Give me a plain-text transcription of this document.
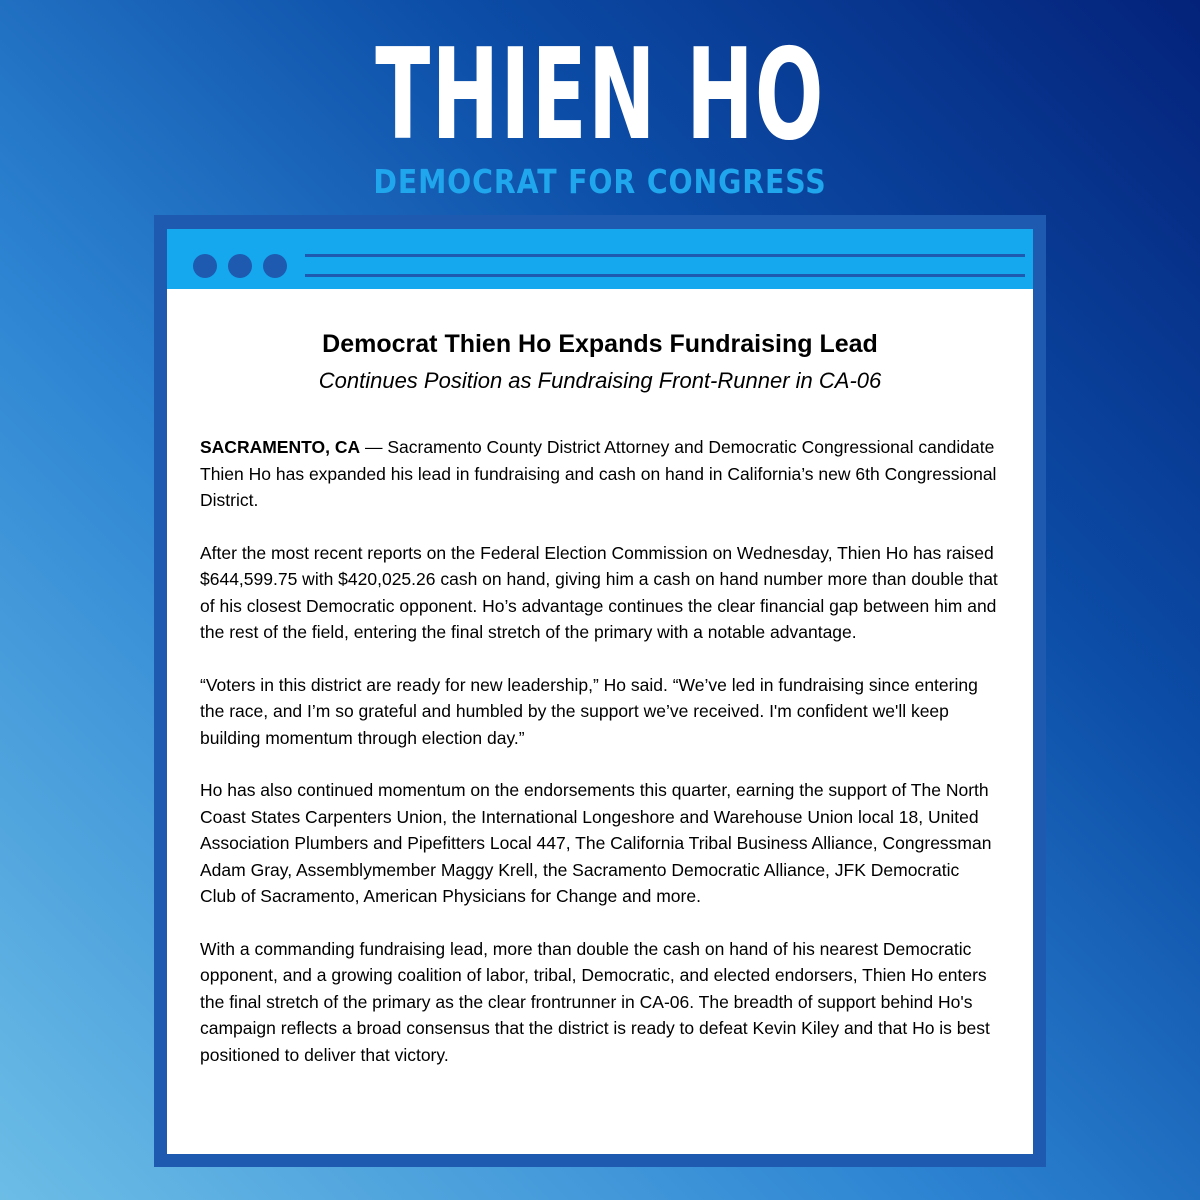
THIEN HO
DEMOCRAT FOR CONGRESS
Democrat Thien Ho Expands Fundraising Lead

Continues Position as Fundraising Front-Runner in CA-06

SACRAMENTO, CA — Sacramento County District Attorney and Democratic Congressional candidate Thien Ho has expanded his lead in fundraising and cash on hand in California’s new 6th Congressional District.

After the most recent reports on the Federal Election Commission on Wednesday, Thien Ho has raised $644,599.75 with $420,025.26 cash on hand, giving him a cash on hand number more than double that of his closest Democratic opponent. Ho’s advantage continues the clear financial gap between him and the rest of the field, entering the final stretch of the primary with a notable advantage.

“Voters in this district are ready for new leadership,” Ho said. “We’ve led in fundraising since entering the race, and I’m so grateful and humbled by the support we’ve received. I'm confident we'll keep building momentum through election day.”

Ho has also continued momentum on the endorsements this quarter, earning the support of The North Coast States Carpenters Union, the International Longeshore and Warehouse Union local 18, United Association Plumbers and Pipefitters Local 447, The California Tribal Business Alliance, Congressman Adam Gray, Assemblymember Maggy Krell, the Sacramento Democratic Alliance, JFK Democratic Club of Sacramento, American Physicians for Change and more.

With a commanding fundraising lead, more than double the cash on hand of his nearest Democratic opponent, and a growing coalition of labor, tribal, Democratic, and elected endorsers, Thien Ho enters the final stretch of the primary as the clear frontrunner in CA-06. The breadth of support behind Ho's campaign reflects a broad consensus that the district is ready to defeat Kevin Kiley and that Ho is best positioned to deliver that victory.
